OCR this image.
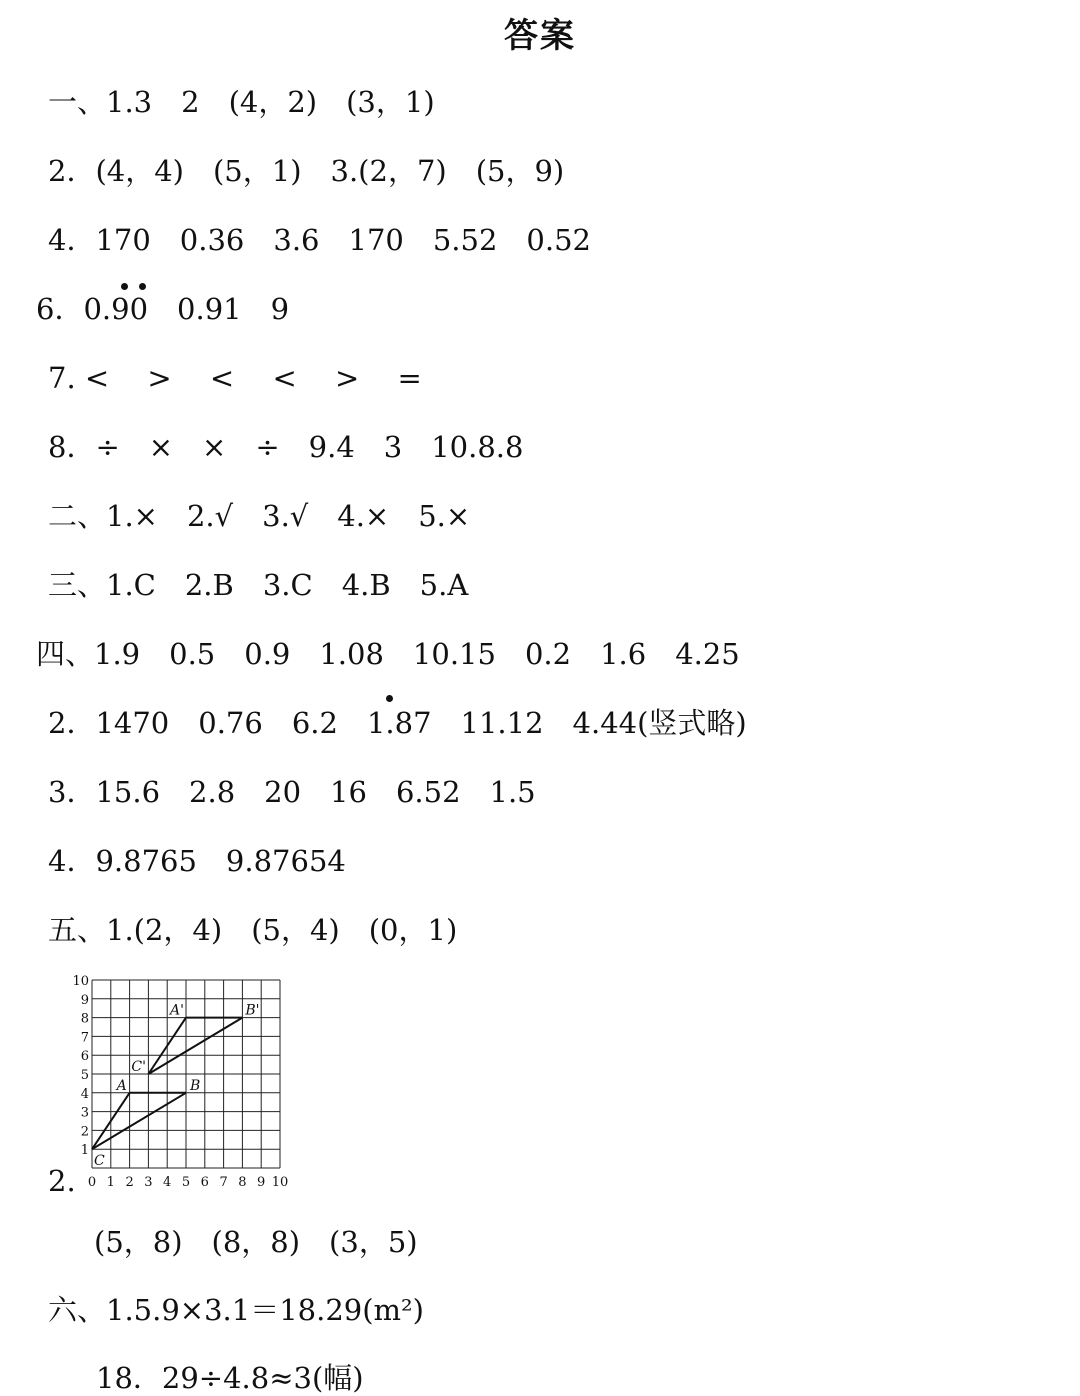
答案
一、1.3　2　(4，2)　(3，1)
2．(4，4)　(5，1)　3.(2，7)　(5，9)
4．170　0.36　3.6　170　5.52　0.52
6．0.90　0.91　9
7. <　 >　 <　 <　 >　 =
8．÷　×　×　÷　9.4　3　10.8.8
二、1.×　2.√　3.√　4.×　5.×
三、1.C　2.B　3.C　4.B　5.A
四、1.9　0.5　0.9　1.08　10.15　0.2　1.6　4.25
2．1470　0.76　6.2　1.87　11.12　4.44(竖式略)
3．15.6　2.8　20　16　6.52　1.5
4．9.8765　9.87654
五、1.(2，4)　(5，4)　(0，1)
2. 0 1 2 3 4 5 6 7 8 9 10
1
2
3
4
5
6
7
8
9
10
A	B
C
A'	B'
C'
(5，8)　(8，8)　(3，5)
六、1.5.9×3.1＝18.29(m²)
18．29÷4.8≈3(幅)
